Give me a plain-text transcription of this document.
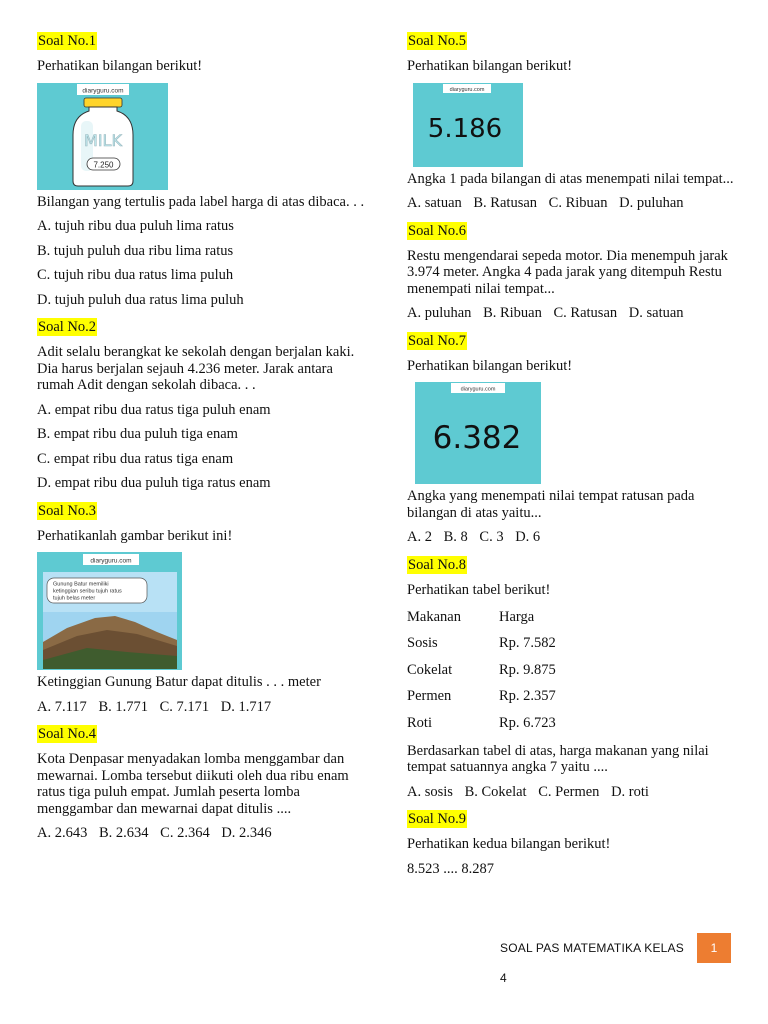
Soal No.1
Perhatikan bilangan berikut!
diaryguru.com
MILK
7.250
Bilangan yang tertulis pada label harga di atas dibaca. . .
A. tujuh ribu dua puluh lima ratus
B. tujuh puluh dua ribu lima ratus
C. tujuh ribu dua ratus lima puluh
D. tujuh puluh dua ratus lima puluh
Soal No.2
Adit selalu berangkat ke sekolah dengan berjalan kaki. Dia harus berjalan sejauh 4.236 meter. Jarak antara rumah Adit dengan sekolah dibaca. . .
A. empat ribu dua ratus tiga puluh enam
B. empat ribu dua puluh tiga enam
C. empat ribu dua ratus tiga enam
D. empat ribu dua puluh tiga ratus enam
Soal No.3
Perhatikanlah gambar berikut ini!
diaryguru.com
Gunung Batur memiliki
ketinggian seribu tujuh ratus
tujuh belas meter
Ketinggian Gunung Batur dapat ditulis . . . meter
A. 7.117 B. 1.771 C. 7.171 D. 1.717
Soal No.4
Kota Denpasar menyadakan lomba menggambar dan mewarnai. Lomba tersebut diikuti oleh dua ribu enam ratus tiga puluh empat. Jumlah peserta lomba menggambar dan mewarnai dapat ditulis ....
A. 2.643 B. 2.634 C. 2.364 D. 2.346
Soal No.5
Perhatikan bilangan berikut!
diaryguru.com
5.186
Angka 1 pada bilangan di atas menempati nilai tempat...
A. satuan B. Ratusan C. Ribuan D. puluhan
Soal No.6
Restu mengendarai sepeda motor. Dia menempuh jarak 3.974 meter. Angka 4 pada jarak yang ditempuh Restu menempati nilai tempat...
A. puluhan B. Ribuan C. Ratusan D. satuan
Soal No.7
Perhatikan bilangan berikut!
diaryguru.com
6.382
Angka yang menempati nilai tempat ratusan pada bilangan di atas yaitu...
A. 2 B. 8 C. 3 D. 6
Soal No.8
Perhatikan tabel berikut!
Makanan	Harga
Sosis	Rp. 7.582
Cokelat	Rp. 9.875
Permen	Rp. 2.357
Roti	Rp. 6.723
Berdasarkan tabel di atas, harga makanan yang nilai tempat satuannya angka 7 yaitu ....
A. sosis B. Cokelat C. Permen D. roti
Soal No.9
Perhatikan kedua bilangan berikut!
8.523 .... 8.287
SOAL PAS MATEMATIKA KELAS 4
1
